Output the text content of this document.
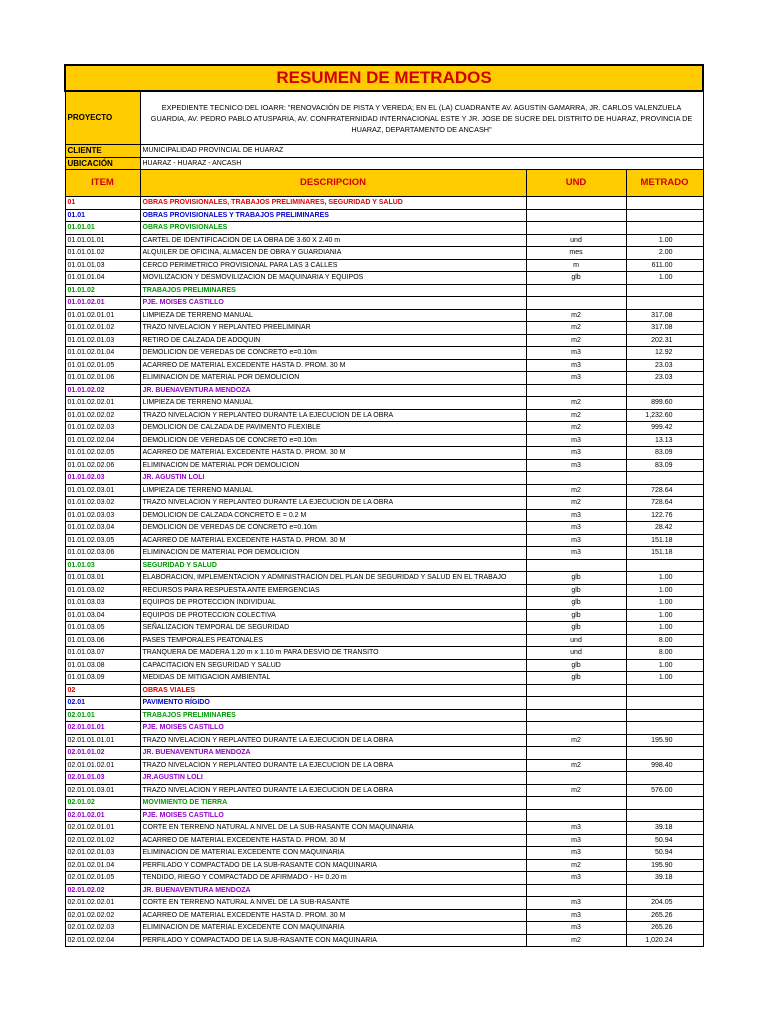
RESUMEN DE METRADOS			
PROYECTO	EXPEDIENTE TECNICO DEL IOARR: "RENOVACIÓN DE PISTA Y VEREDA; EN EL (LA) CUADRANTE AV. AGUSTIN GAMARRA, JR. CARLOS VALENZUELA GUARDIA, AV. PEDRO PABLO ATUSPARIA, AV. CONFRATERNIDAD INTERNACIONAL ESTE Y JR. JOSE DE SUCRE DEL DISTRITO DE HUARAZ, PROVINCIA DE HUARAZ, DEPARTAMENTO DE ANCASH"		
CLIENTE	MUNICIPALIDAD PROVINCIAL DE HUARAZ		
UBICACIÓN	HUARAZ - HUARAZ - ANCASH		
ITEM	DESCRIPCION	UND	METRADO
01	OBRAS PROVISIONALES, TRABAJOS PRELIMINARES, SEGURIDAD Y SALUD		
01.01	OBRAS PROVISIONALES Y TRABAJOS PRELIMINARES		
01.01.01	OBRAS PROVISIONALES		
01.01.01.01	CARTEL DE IDENTIFICACION DE LA OBRA DE 3.60 X 2.40 m	und	1.00
01.01.01.02	ALQUILER DE OFICINA, ALMACEN DE OBRA Y GUARDIANIA	mes	2.00
01.01.01.03	CERCO PERIMETRICO PROVISIONAL PARA LAS 3 CALLES	m	611.00
01.01.01.04	MOVILIZACION Y DESMOVILIZACION DE MAQUINARIA Y EQUIPOS	glb	1.00
01.01.02	TRABAJOS PRELIMINARES		
01.01.02.01	PJE. MOISES CASTILLO		
01.01.02.01.01	LIMPIEZA DE TERRENO MANUAL	m2	317.08
01.01.02.01.02	TRAZO NIVELACION Y REPLANTEO PREELIMINAR	m2	317.08
01.01.02.01.03	RETIRO DE CALZADA DE ADOQUIN	m2	202.31
01.01.02.01.04	DEMOLICION DE VEREDAS DE CONCRETO e=0.10m	m3	12.92
01.01.02.01.05	ACARREO DE MATERIAL EXCEDENTE HASTA D. PROM. 30 M	m3	23.03
01.01.02.01.06	ELIMINACION DE MATERIAL POR DEMOLICION	m3	23.03
01.01.02.02	JR. BUENAVENTURA MENDOZA		
01.01.02.02.01	LIMPIEZA DE TERRENO MANUAL	m2	899.60
01.01.02.02.02	TRAZO NIVELACION Y REPLANTEO DURANTE LA EJECUCION DE LA OBRA	m2	1,232.60
01.01.02.02.03	DEMOLICION DE CALZADA DE PAVIMENTO FLEXIBLE	m2	999.42
01.01.02.02.04	DEMOLICION DE VEREDAS DE CONCRETO e=0.10m	m3	13.13
01.01.02.02.05	ACARREO DE MATERIAL EXCEDENTE HASTA D. PROM. 30 M	m3	83.09
01.01.02.02.06	ELIMINACION DE MATERIAL POR DEMOLICION	m3	83.09
01.01.02.03	JR. AGUSTIN LOLI		
01.01.02.03.01	LIMPIEZA DE TERRENO MANUAL	m2	728.64
01.01.02.03.02	TRAZO NIVELACION Y REPLANTEO DURANTE LA EJECUCION DE LA OBRA	m2	728.64
01.01.02.03.03	DEMOLICION DE CALZADA CONCRETO E = 0.2 M	m3	122.76
01.01.02.03.04	DEMOLICION DE VEREDAS DE CONCRETO e=0.10m	m3	28.42
01.01.02.03.05	ACARREO DE MATERIAL EXCEDENTE HASTA D. PROM. 30 M	m3	151.18
01.01.02.03.06	ELIMINACION DE MATERIAL POR DEMOLICION	m3	151.18
01.01.03	SEGURIDAD Y SALUD		
01.01.03.01	ELABORACION, IMPLEMENTACION Y ADMINISTRACION DEL PLAN DE SEGURIDAD Y SALUD EN EL TRABAJO	glb	1.00
01.01.03.02	RECURSOS PARA RESPUESTA ANTE EMERGENCIAS	glb	1.00
01.01.03.03	EQUIPOS DE PROTECCION INDIVIDUAL	glb	1.00
01.01.03.04	EQUIPOS DE PROTECCION COLECTIVA	glb	1.00
01.01.03.05	SEÑALIZACION TEMPORAL DE SEGURIDAD	glb	1.00
01.01.03.06	PASES TEMPORALES PEATONALES	und	8.00
01.01.03.07	TRANQUERA DE MADERA 1.20 m x 1.10 m PARA DESVIO DE TRANSITO	und	8.00
01.01.03.08	CAPACITACION EN SEGURIDAD Y SALUD	glb	1.00
01.01.03.09	MEDIDAS DE MITIGACION AMBIENTAL	glb	1.00
02	OBRAS VIALES		
02.01	PAVIMENTO RÍGIDO		
02.01.01	TRABAJOS PRELIMINARES		
02.01.01.01	PJE. MOISES CASTILLO		
02.01.01.01.01	TRAZO NIVELACION Y REPLANTEO DURANTE LA EJECUCION DE LA OBRA	m2	195.90
02.01.01.02	JR. BUENAVENTURA MENDOZA		
02.01.01.02.01	TRAZO NIVELACION Y REPLANTEO DURANTE LA EJECUCION DE LA OBRA	m2	998.40
02.01.01.03	JR.AGUSTIN LOLI		
02.01.01.03.01	TRAZO NIVELACION Y REPLANTEO DURANTE LA EJECUCION DE LA OBRA	m2	576.00
02.01.02	MOVIMIENTO DE TIERRA		
02.01.02.01	PJE. MOISES CASTILLO		
02.01.02.01.01	CORTE EN TERRENO NATURAL A NIVEL DE LA SUB-RASANTE CON MAQUINARIA	m3	39.18
02.01.02.01.02	ACARREO DE MATERIAL EXCEDENTE HASTA D. PROM. 30 M	m3	50.94
02.01.02.01.03	ELIMINACION DE MATERIAL EXCEDENTE CON MAQUINARIA	m3	50.94
02.01.02.01.04	PERFILADO Y COMPACTADO DE LA SUB-RASANTE CON MAQUINARIA	m2	195.90
02.01.02.01.05	TENDIDO, RIEGO Y COMPACTADO DE AFIRMADO - H= 0.20 m	m3	39.18
02.01.02.02	JR. BUENAVENTURA MENDOZA		
02.01.02.02.01	CORTE EN TERRENO NATURAL A NIVEL DE LA SUB-RASANTE	m3	204.05
02.01.02.02.02	ACARREO DE MATERIAL EXCEDENTE HASTA D. PROM. 30 M	m3	265.26
02.01.02.02.03	ELIMINACION DE MATERIAL EXCEDENTE CON MAQUINARIA	m3	265.26
02.01.02.02.04	PERFILADO Y COMPACTADO DE LA SUB-RASANTE CON MAQUINARIA	m2	1,020.24
